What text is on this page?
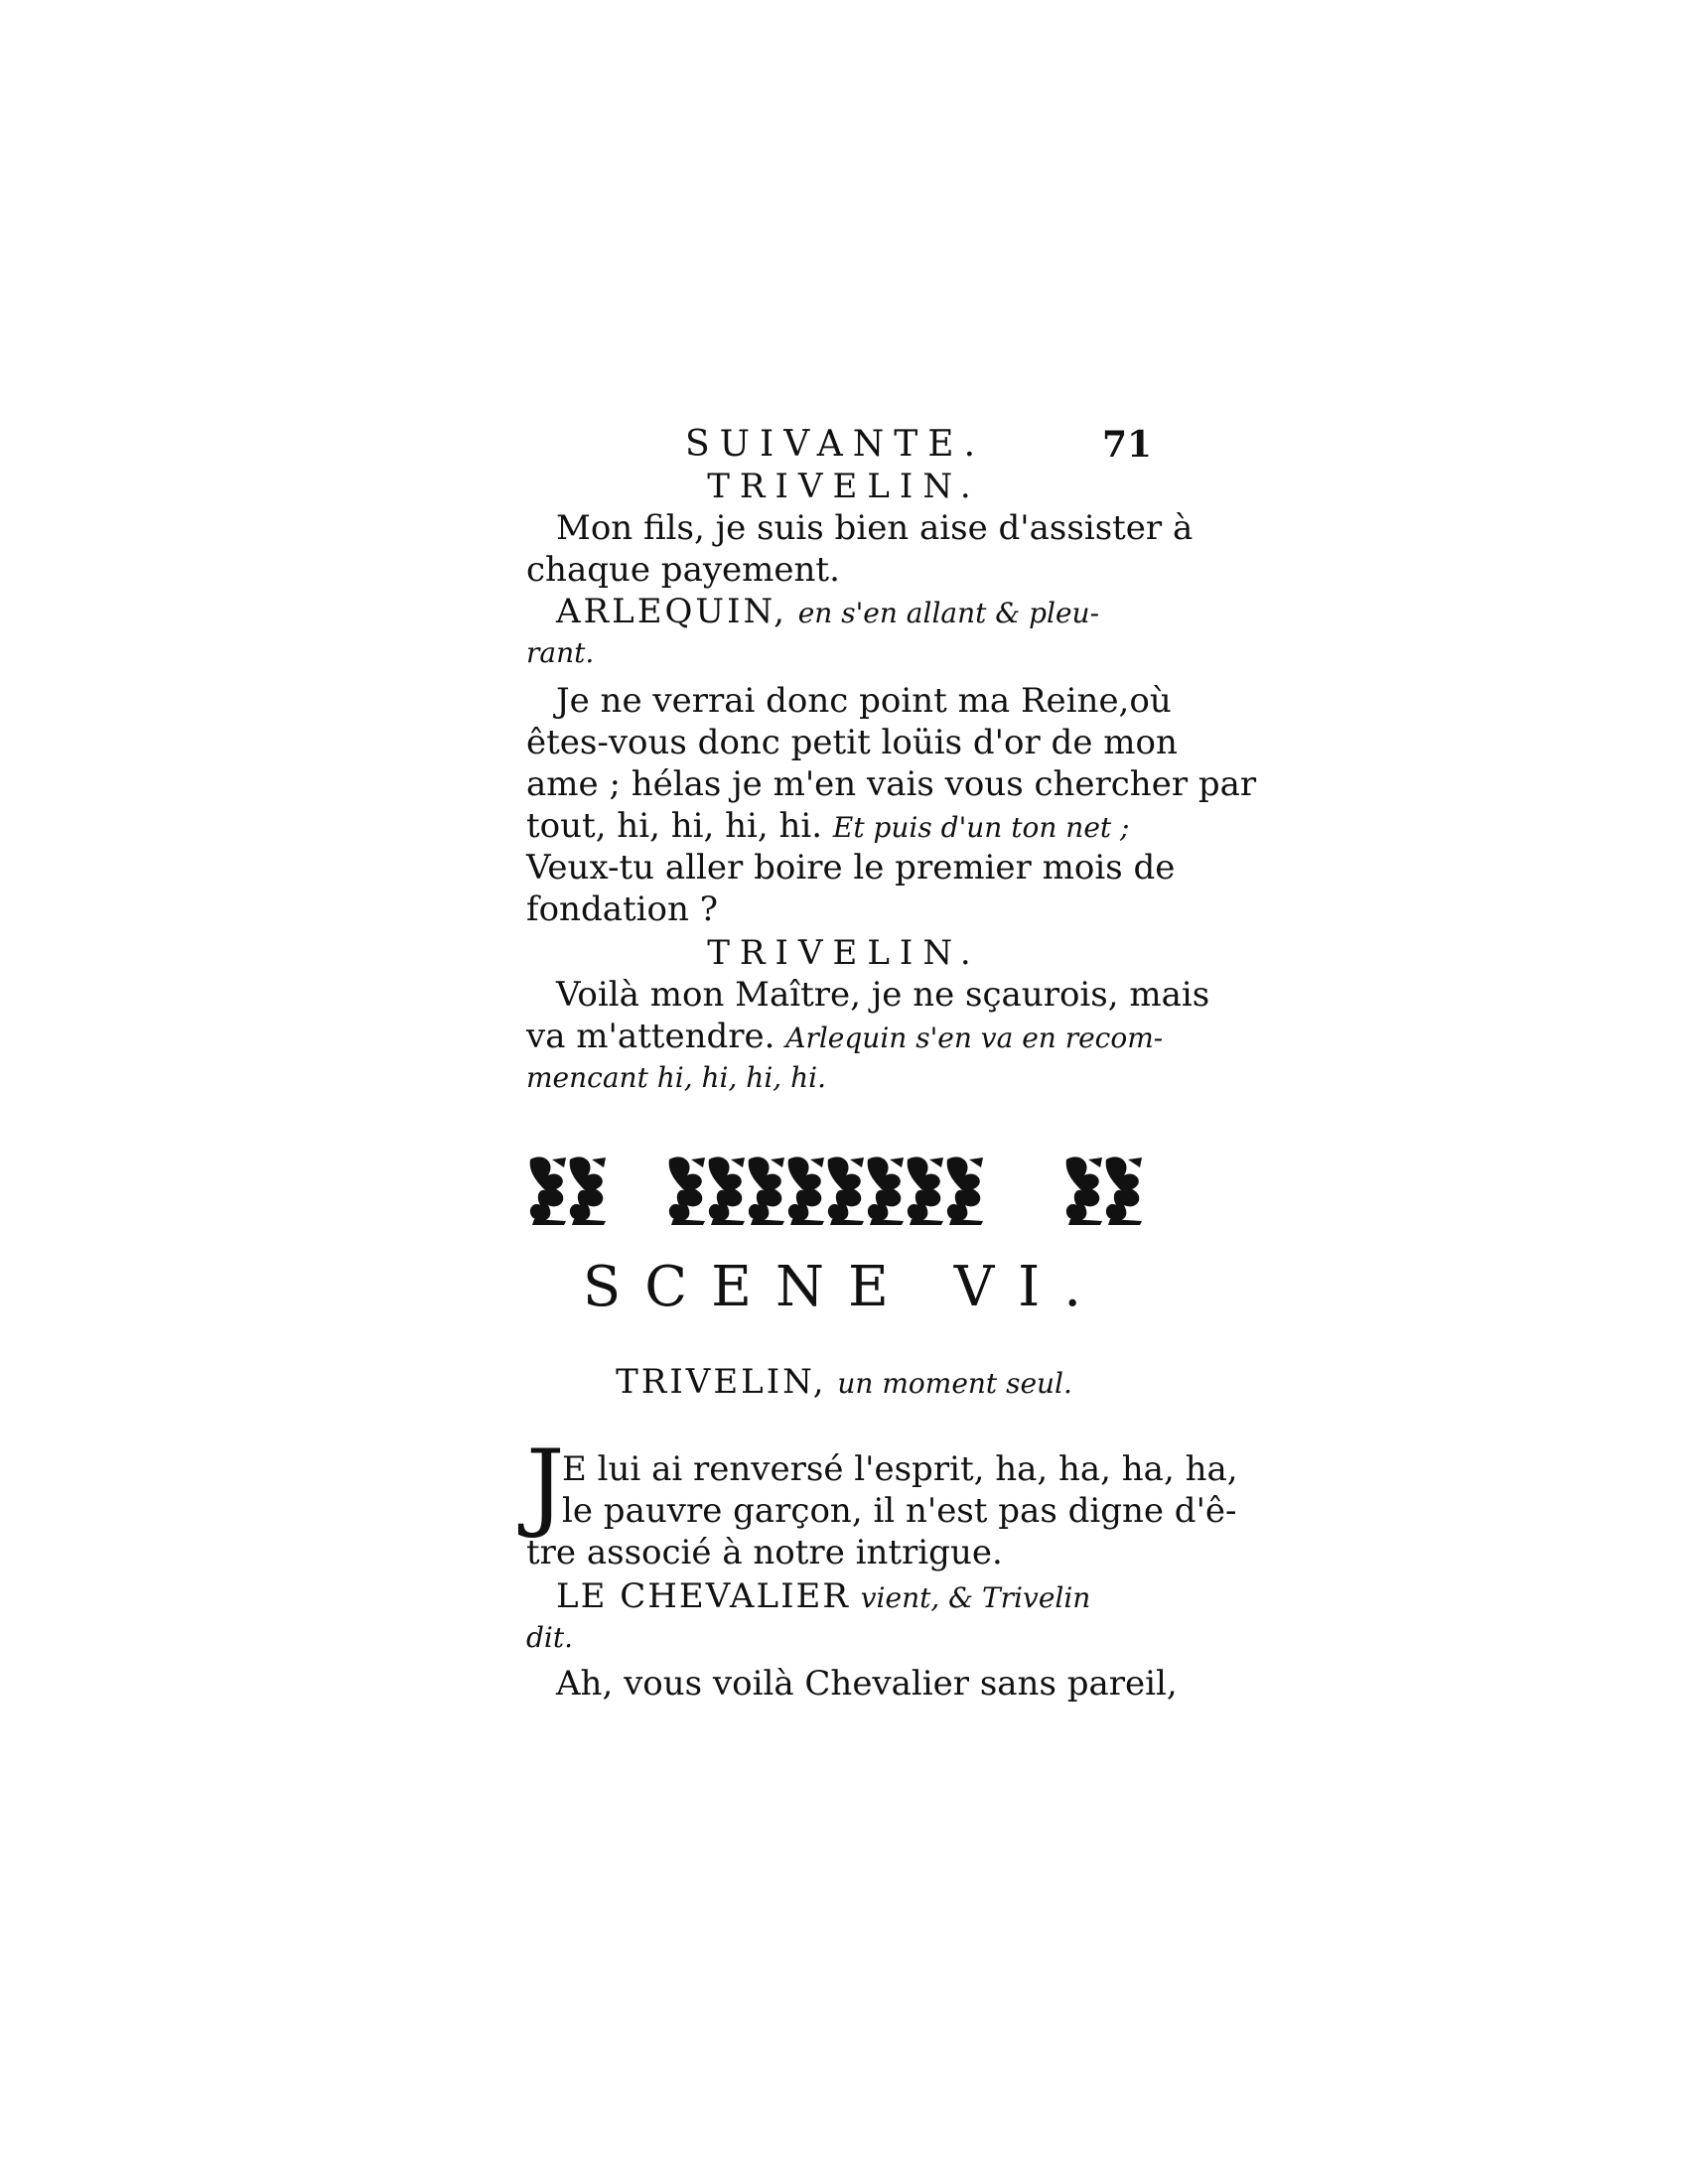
SUIVANTE.	71
TRIVELIN.
Mon fils, je suis bien aise d'assister à
chaque payement.
ARLEQUIN, en s'en allant & pleu-
rant.
Je ne verrai donc point ma Reine,où
êtes-vous donc petit loüis d'or de mon
ame ; hélas je m'en vais vous chercher par
tout, hi, hi, hi, hi. Et puis d'un ton net ;
Veux-tu aller boire le premier mois de
fondation ?
TRIVELIN.
Voilà mon Maître, je ne sçaurois, mais
va m'attendre. Arlequin s'en va en recom-
mencant hi, hi, hi, hi.
SCENE VI.
TRIVELIN, un moment seul.
J
E lui ai renversé l'esprit, ha, ha, ha, ha,
le pauvre garçon, il n'est pas digne d'ê-
tre associé à notre intrigue.
LE CHEVALIER vient, & Trivelin
dit.
Ah, vous voilà Chevalier sans pareil,
